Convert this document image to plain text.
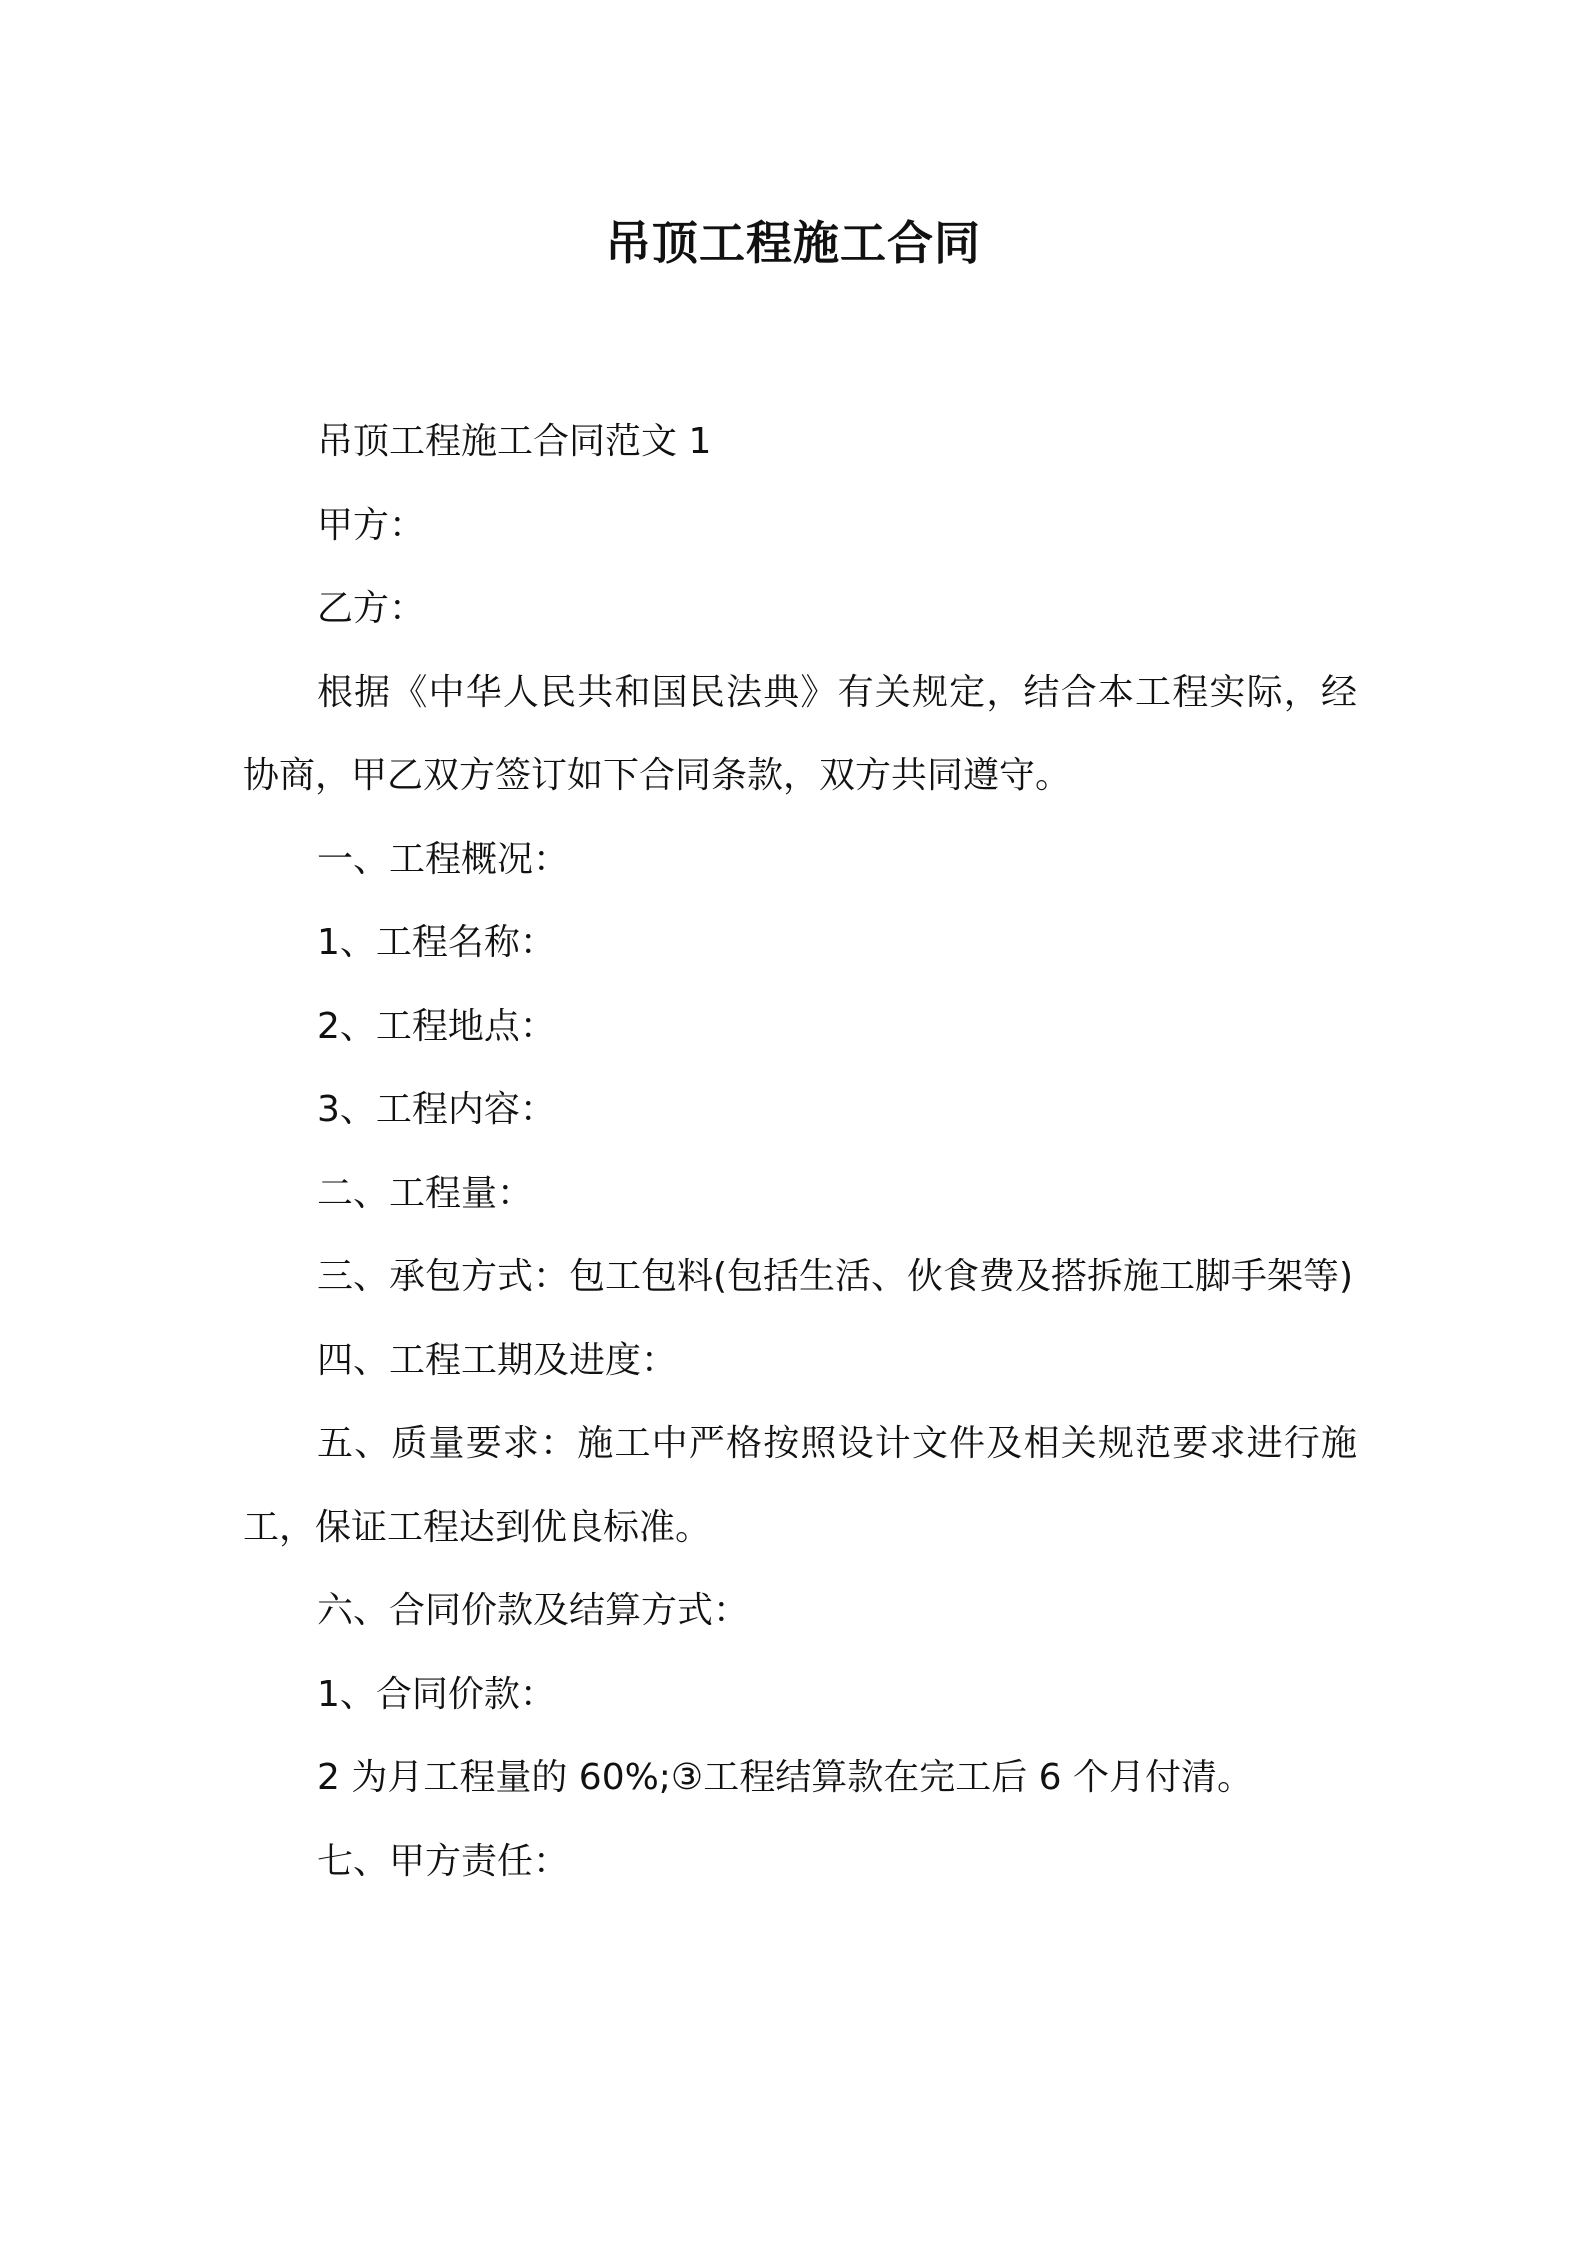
吊顶工程施工合同

吊顶工程施工合同范文 1

甲方：

乙方：

根据《中华人民共和国民法典》有关规定，结合本工程实际，经协商，甲乙双方签订如下合同条款，双方共同遵守。

一、工程概况：

1、工程名称：

2、工程地点：

3、工程内容：

二、工程量：

三、承包方式：包工包料(包括生活、伙食费及搭拆施工脚手架等)

四、工程工期及进度：

五、质量要求：施工中严格按照设计文件及相关规范要求进行施工，保证工程达到优良标准。

六、合同价款及结算方式：

1、合同价款：

2 为月工程量的 60%;③工程结算款在完工后 6 个月付清。

七、甲方责任：
